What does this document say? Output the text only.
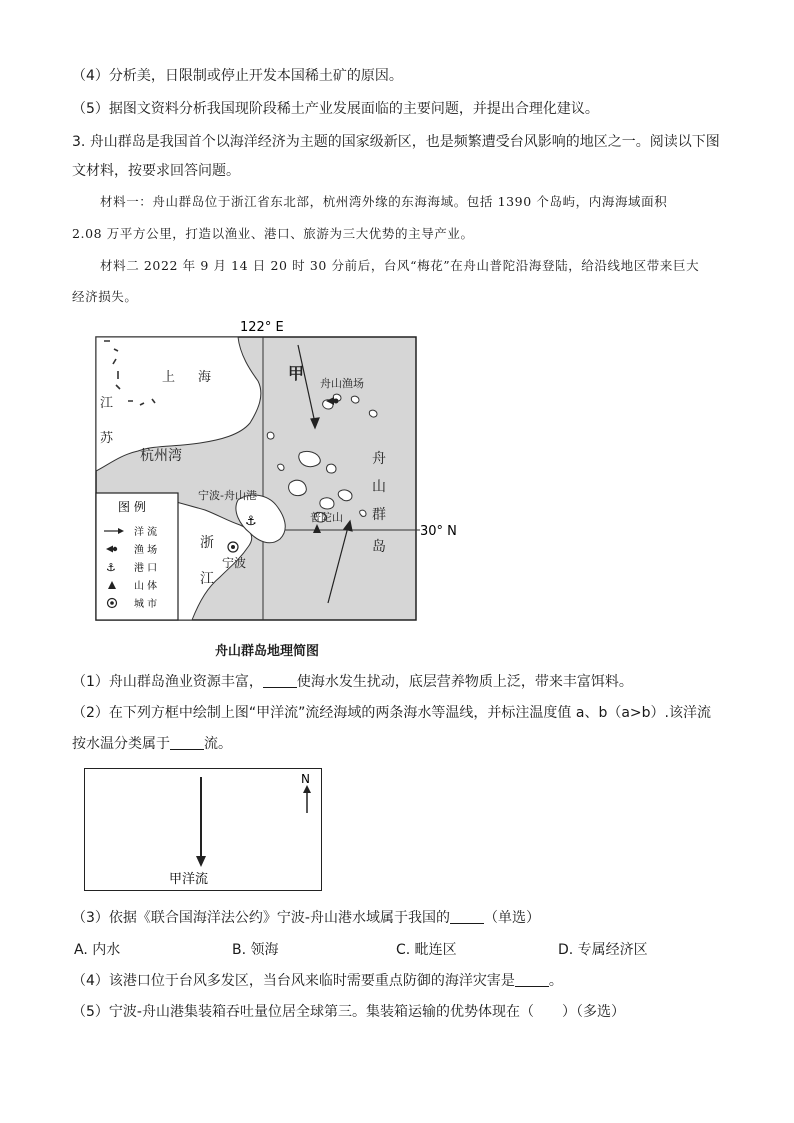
（4）分析美，日限制或停止开发本国稀土矿的原因。
（5）据图文资料分析我国现阶段稀土产业发展面临的主要问题，并提出合理化建议。
3. 舟山群岛是我国首个以海洋经济为主题的国家级新区，也是频繁遭受台风影响的地区之一。阅读以下图
文材料，按要求回答问题。
材料一：舟山群岛位于浙江省东北部，杭州湾外缘的东海海域。包括 1390 个岛屿，内海海域面积
2.08 万平方公里，打造以渔业、港口、旅游为三大优势的主导产业。
材料二 2022 年 9 月 14 日 20 时 30 分前后，台风“梅花”在舟山普陀沿海登陆，给沿线地区带来巨大
经济损失。
122° E
30° N
⚓
上 海
江
苏
杭州湾
甲
舟山渔场
宁波-舟山港
普陀山
浙
江
宁波
舟
山
群
岛
图 例
洋 流
渔 场
⚓ 港 口
山 体
城 市
舟山群岛地理简图
（1）舟山群岛渔业资源丰富， 使海水发生扰动，底层营养物质上泛，带来丰富饵料。
（2）在下列方框中绘制上图“甲洋流”流经海域的两条海水等温线，并标注温度值 a、b（a>b）.该洋流
按水温分类属于 流。
N
甲洋流
（3）依据《联合国海洋法公约》宁波-舟山港水域属于我国的 （单选）
A. 内水	B. 领海	C. 毗连区	D. 专属经济区
（4）该港口位于台风多发区，当台风来临时需要重点防御的海洋灾害是 。
（5）宁波-舟山港集装箱吞吐量位居全球第三。集装箱运输的优势体现在（　　）（多选）
